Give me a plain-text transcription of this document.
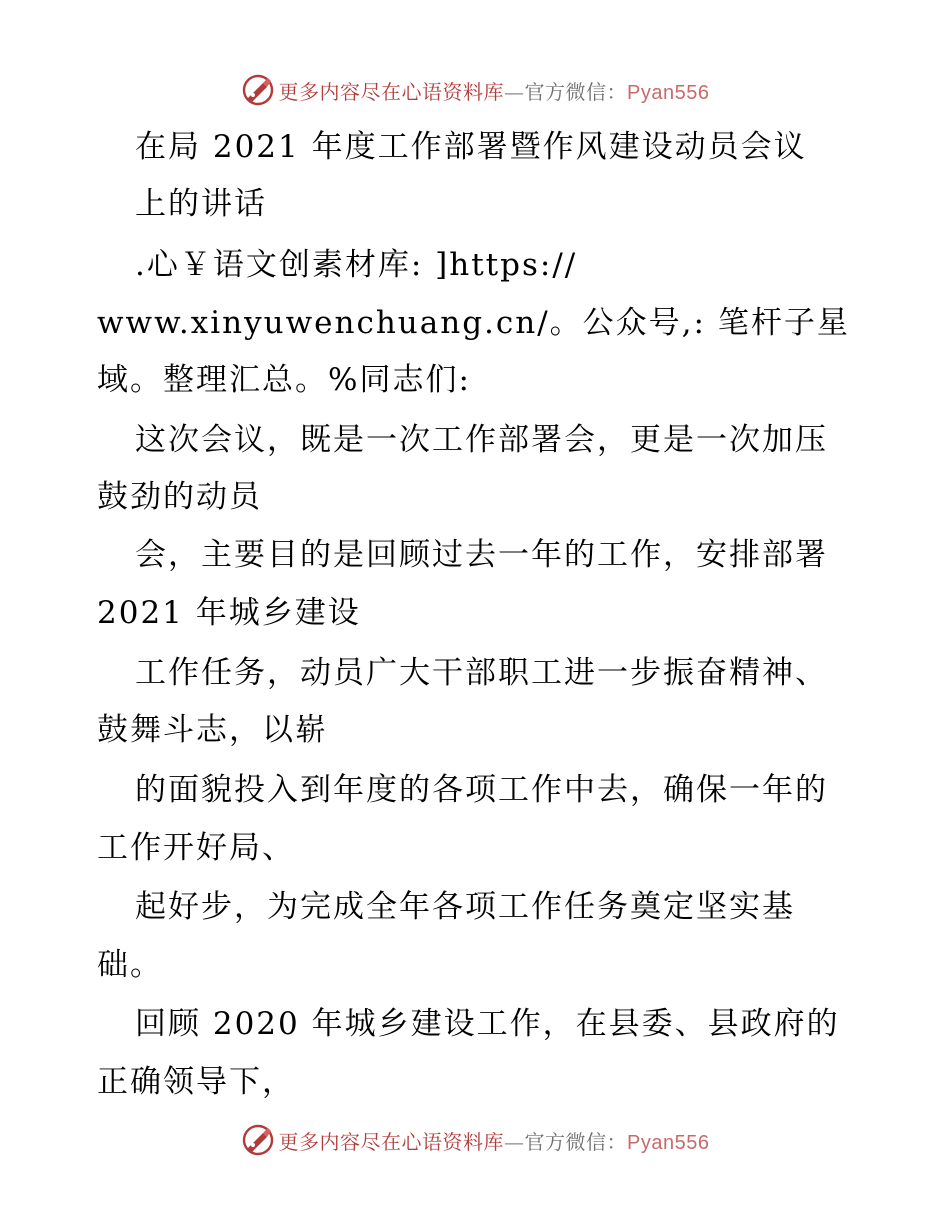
更多内容尽在心语资料库—官方微信：Pyan556
在局 2021 年度工作部署暨作风建设动员会议
上的讲话
.心￥语文创素材库: ]https://
www.xinyuwenchuang.cn/。公众号,: 笔杆子星
域。整理汇总。%同志们:
这次会议，既是一次工作部署会，更是一次加压
鼓劲的动员
会，主要目的是回顾过去一年的工作，安排部署
2021 年城乡建设
工作任务，动员广大干部职工进一步振奋精神、
鼓舞斗志，以崭
的面貌投入到年度的各项工作中去，确保一年的
工作开好局、
起好步，为完成全年各项工作任务奠定坚实基
础。
回顾 2020 年城乡建设工作，在县委、县政府的
正确领导下，
更多内容尽在心语资料库—官方微信：Pyan556
